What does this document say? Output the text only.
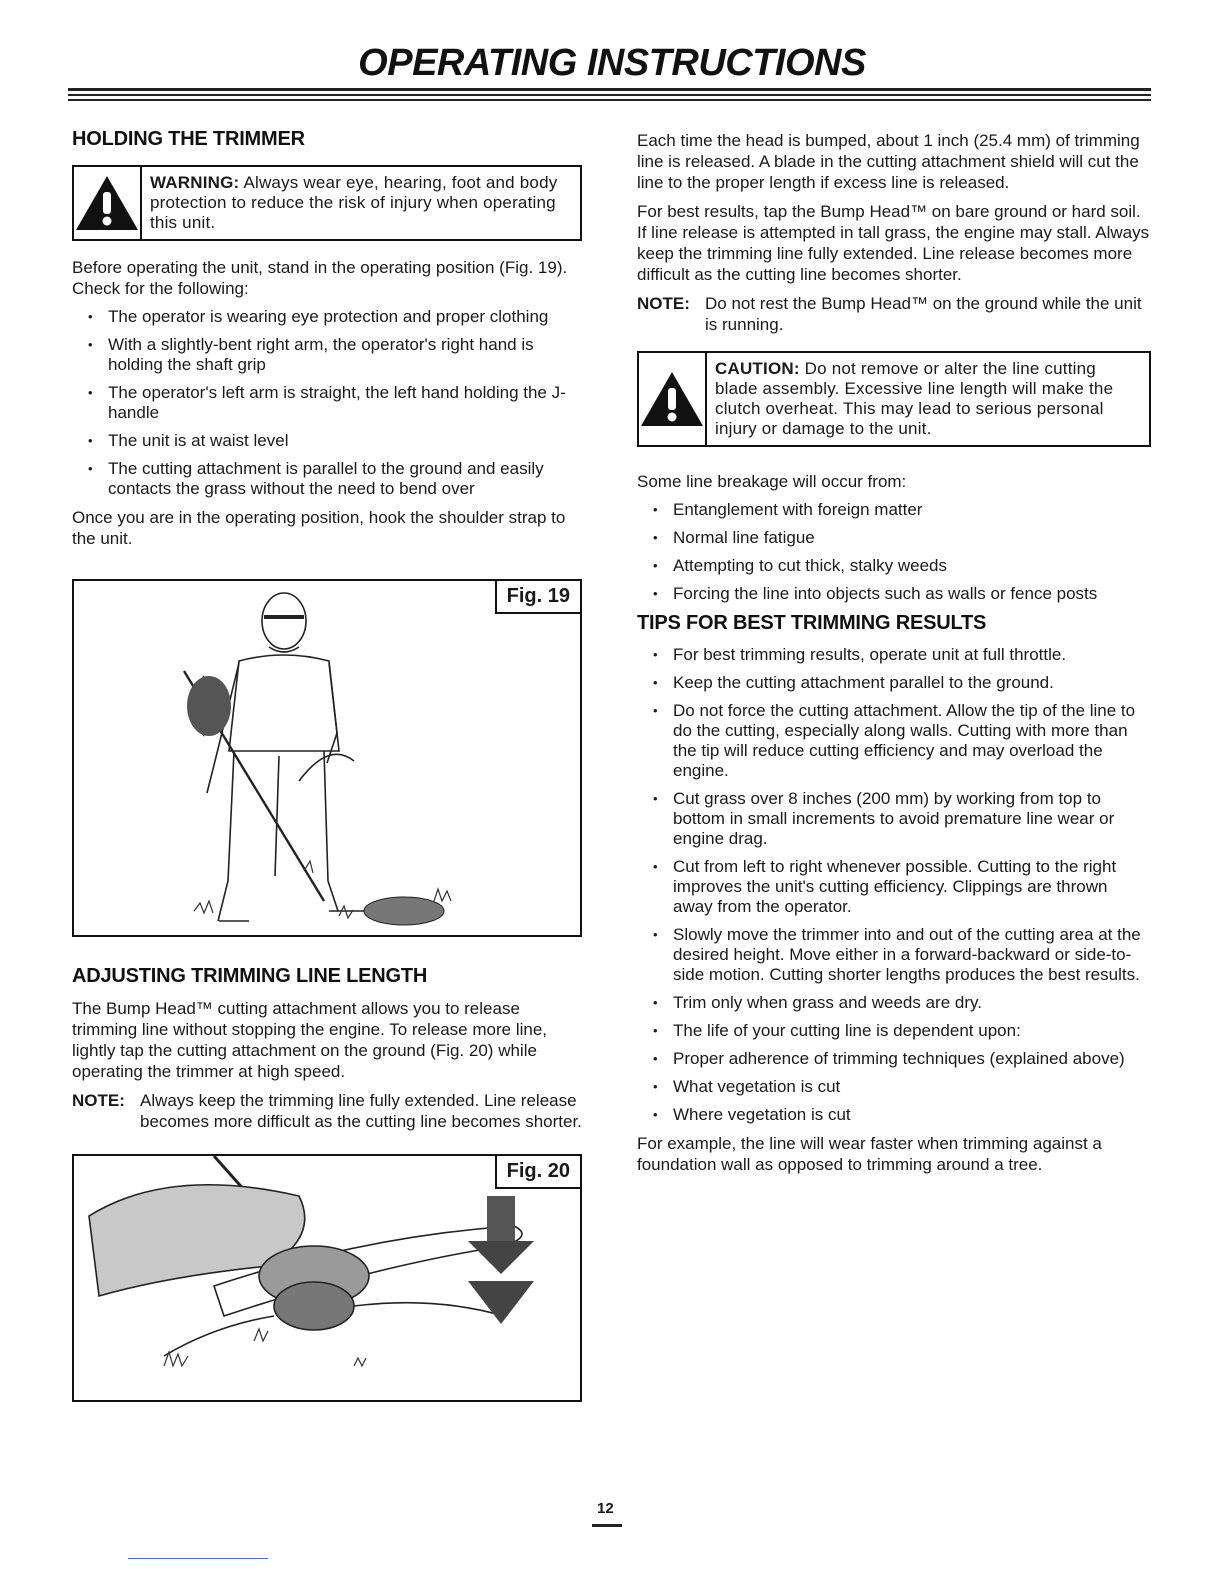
OPERATING INSTRUCTIONS
HOLDING THE TRIMMER
WARNING: Always wear eye, hearing, foot and body protection to reduce the risk of injury when operating this unit.

Before operating the unit, stand in the operating position (Fig. 19). Check for the following:

• The operator is wearing eye protection and proper clothing
• With a slightly-bent right arm, the operator's right hand is holding the shaft grip
• The operator's left arm is straight, the left hand holding the J-handle
• The unit is at waist level
• The cutting attachment is parallel to the ground and easily contacts the grass without the need to bend over

Once you are in the operating position, hook the shoulder strap to the unit.

Fig. 19
ADJUSTING TRIMMING LINE LENGTH

The Bump Head™ cutting attachment allows you to release trimming line without stopping the engine. To release more line, lightly tap the cutting attachment on the ground (Fig. 20) while operating the trimmer at high speed.

NOTE: Always keep the trimming line fully extended. Line release becomes more difficult as the cutting line becomes shorter.
Fig. 20

Each time the head is bumped, about 1 inch (25.4 mm) of trimming line is released. A blade in the cutting attachment shield will cut the line to the proper length if excess line is released.

For best results, tap the Bump Head™ on bare ground or hard soil. If line release is attempted in tall grass, the engine may stall. Always keep the trimming line fully extended. Line release becomes more difficult as the cutting line becomes shorter.

NOTE: Do not rest the Bump Head™ on the ground while the unit is running.
CAUTION: Do not remove or alter the line cutting blade assembly. Excessive line length will make the clutch overheat. This may lead to serious personal injury or damage to the unit.

Some line breakage will occur from:

• Entanglement with foreign matter
• Normal line fatigue
• Attempting to cut thick, stalky weeds
• Forcing the line into objects such as walls or fence posts
TIPS FOR BEST TRIMMING RESULTS
• For best trimming results, operate unit at full throttle.
• Keep the cutting attachment parallel to the ground.
• Do not force the cutting attachment. Allow the tip of the line to do the cutting, especially along walls. Cutting with more than the tip will reduce cutting efficiency and may overload the engine.
• Cut grass over 8 inches (200 mm) by working from top to bottom in small increments to avoid premature line wear or engine drag.
• Cut from left to right whenever possible. Cutting to the right improves the unit's cutting efficiency. Clippings are thrown away from the operator.
• Slowly move the trimmer into and out of the cutting area at the desired height. Move either in a forward-backward or side-to-side motion. Cutting shorter lengths produces the best results.
• Trim only when grass and weeds are dry.
• The life of your cutting line is dependent upon:
• Proper adherence of trimming techniques (explained above)
• What vegetation is cut
• Where vegetation is cut

For example, the line will wear faster when trimming against a foundation wall as opposed to trimming around a tree.

12
